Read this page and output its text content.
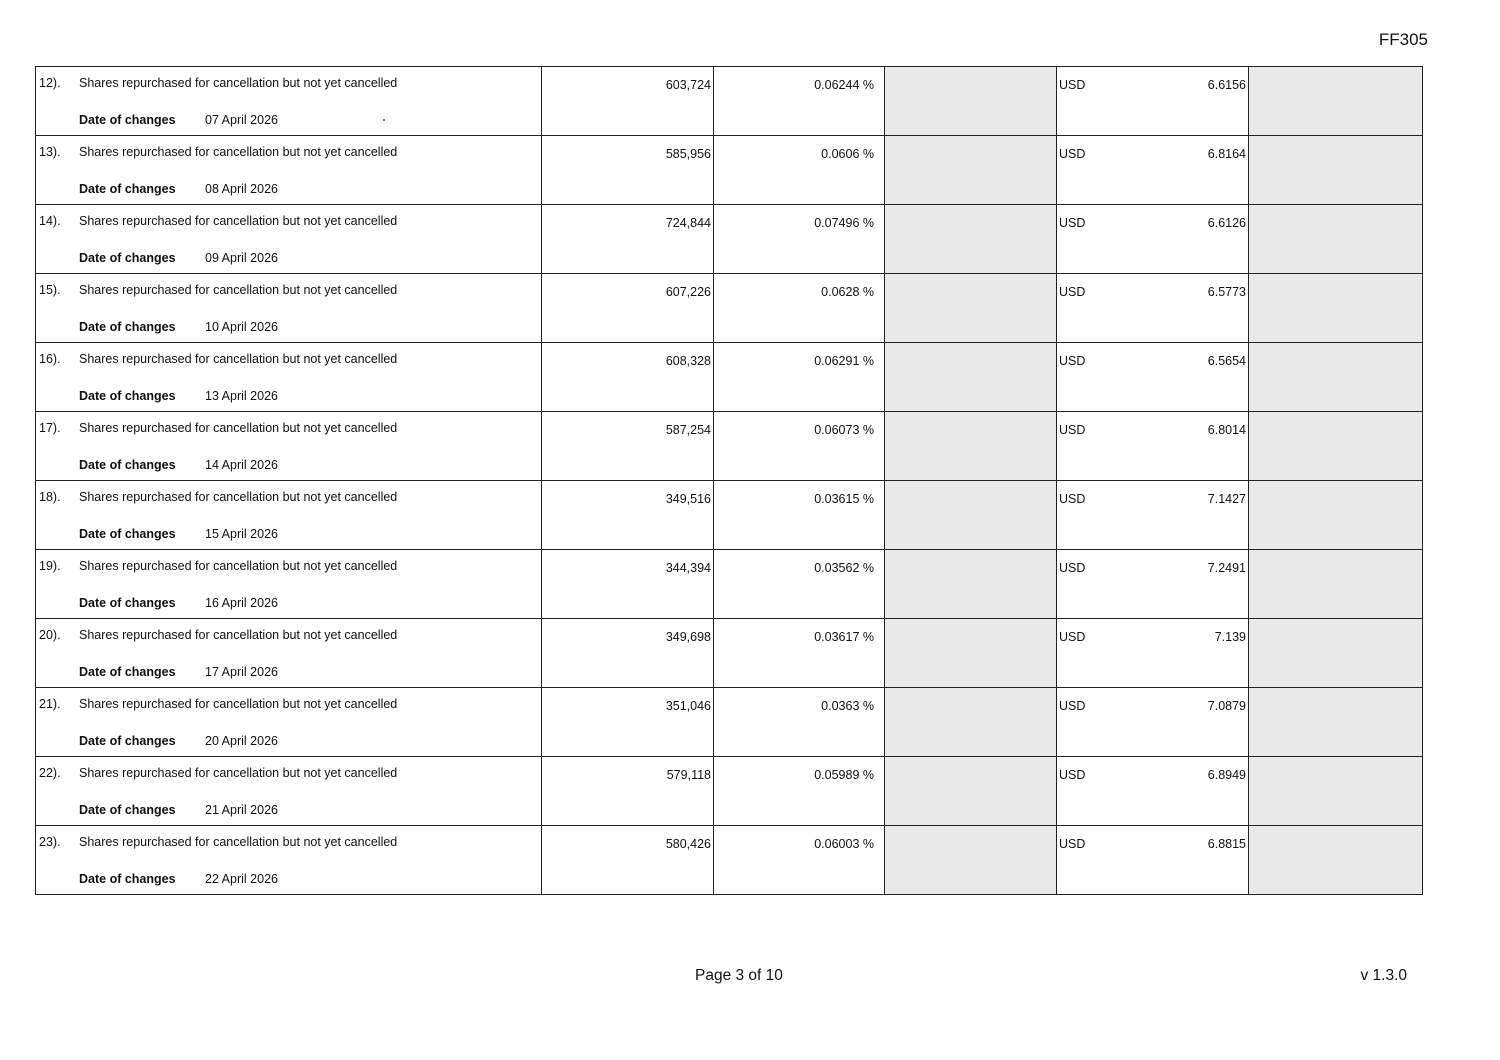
FF305
12). Shares repurchased for cancellation but not yet cancelled
Date of changes 07 April 2026	603,724	0.06244 %		USD 6.6156	

13). Shares repurchased for cancellation but not yet cancelled
Date of changes 08 April 2026	585,956	0.0606 %		USD 6.8164	

14). Shares repurchased for cancellation but not yet cancelled
Date of changes 09 April 2026	724,844	0.07496 %		USD 6.6126	

15). Shares repurchased for cancellation but not yet cancelled
Date of changes 10 April 2026	607,226	0.0628 %		USD 6.5773	

16). Shares repurchased for cancellation but not yet cancelled
Date of changes 13 April 2026	608,328	0.06291 %		USD 6.5654	

17). Shares repurchased for cancellation but not yet cancelled
Date of changes 14 April 2026	587,254	0.06073 %		USD 6.8014	

18). Shares repurchased for cancellation but not yet cancelled
Date of changes 15 April 2026	349,516	0.03615 %		USD 7.1427	

19). Shares repurchased for cancellation but not yet cancelled
Date of changes 16 April 2026	344,394	0.03562 %		USD 7.2491	

20). Shares repurchased for cancellation but not yet cancelled
Date of changes 17 April 2026	349,698	0.03617 %		USD 7.139	

21). Shares repurchased for cancellation but not yet cancelled
Date of changes 20 April 2026	351,046	0.0363 %		USD 7.0879	

22). Shares repurchased for cancellation but not yet cancelled
Date of changes 21 April 2026	579,118	0.05989 %		USD 6.8949	

23). Shares repurchased for cancellation but not yet cancelled
Date of changes 22 April 2026	580,426	0.06003 %		USD 6.8815	

Page 3 of 10	v 1.3.0
